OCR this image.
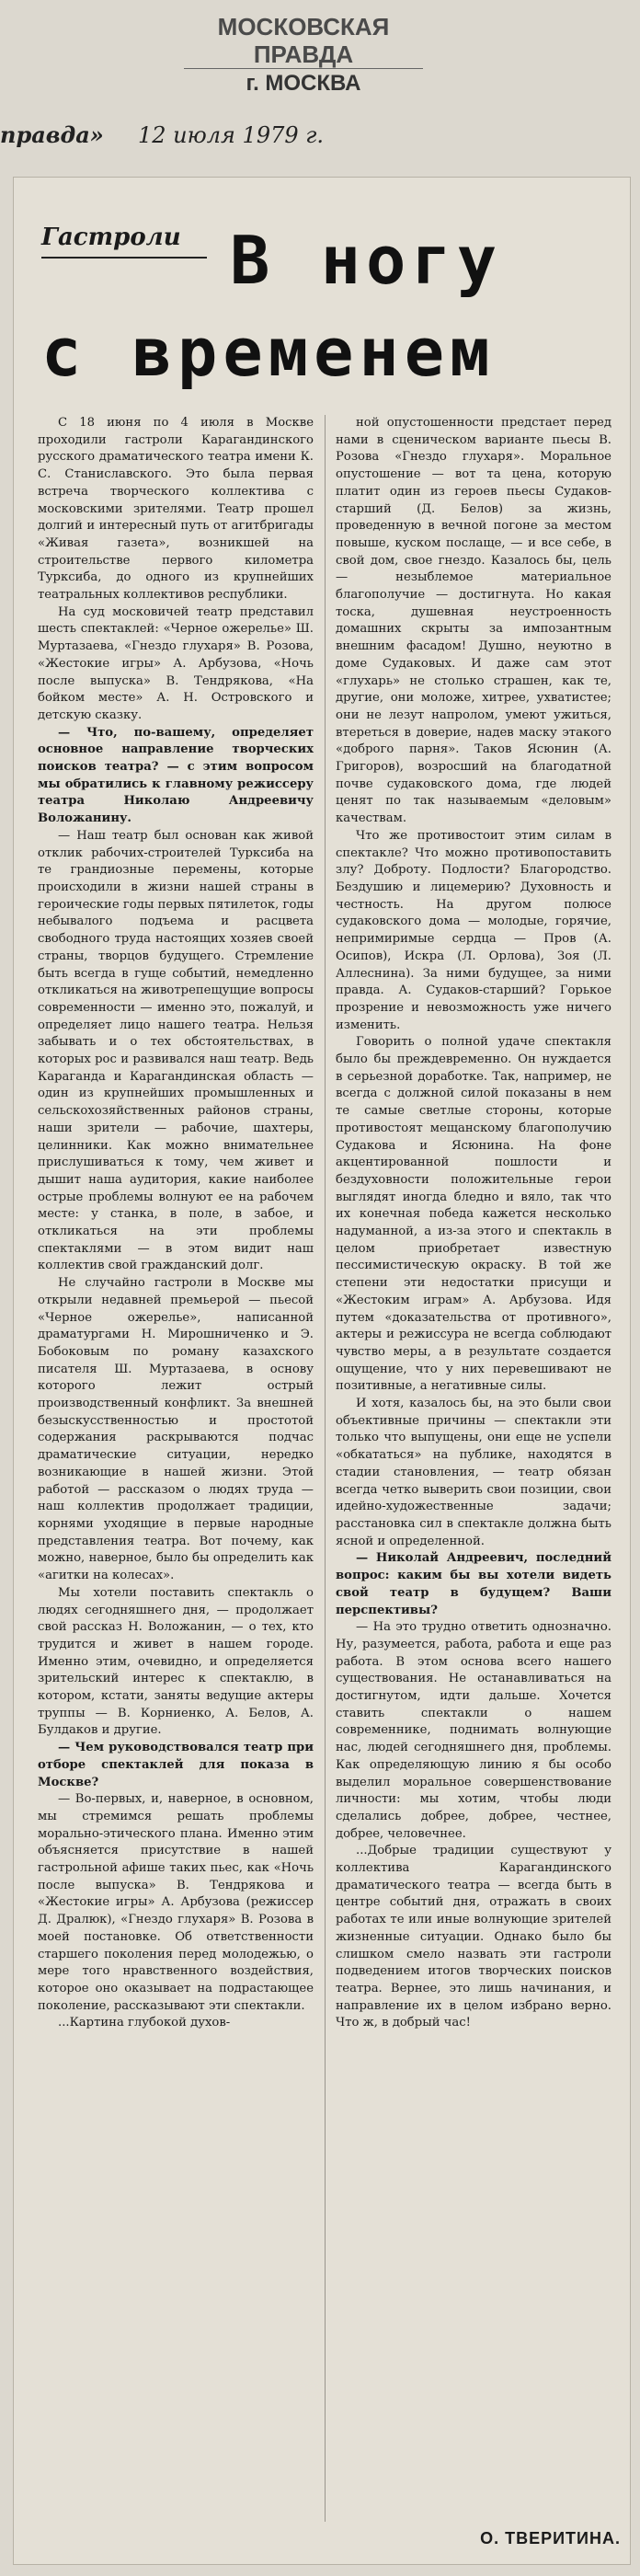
МОСКОВСКАЯ ПРАВДА
г. МОСКВА
правда» 12 июля 1979 г.
Гастроли В ногу
с временем

С 18 июня по 4 июля в Москве проходили гастроли Карагандинского русского драматического театра имени К. С. Станиславского. Это была первая встреча творческого коллектива с московскими зрителями. Театр прошел долгий и интересный путь от агитбригады «Живая газета», возникшей на строительстве первого километра Турксиба, до одного из крупнейших театральных коллективов республики.

На суд московичей театр представил шесть спектаклей: «Черное ожерелье» Ш. Муртазаева, «Гнездо глухаря» В. Розова, «Жестокие игры» А. Арбузова, «Ночь после выпуска» В. Тендрякова, «На бойком месте» А. Н. Островского и детскую сказку.

— Что, по-вашему, определяет основное направление творческих поисков театра? — с этим вопросом мы обратились к главному режиссеру театра Николаю Андреевичу Воложанину.

— Наш театр был основан как живой отклик рабочих-строителей Турксиба на те грандиозные перемены, которые происходили в жизни нашей страны в героические годы первых пятилеток, годы небывалого подъема и расцвета свободного труда настоящих хозяев своей страны, творцов будущего. Стремление быть всегда в гуще событий, немедленно откликаться на животрепещущие вопросы современности — именно это, пожалуй, и определяет лицо нашего театра. Нельзя забывать и о тех обстоятельствах, в которых рос и развивался наш театр. Ведь Караганда и Карагандинская область — один из крупнейших промышленных и сельскохозяйственных районов страны, наши зрители — рабочие, шахтеры, целинники. Как можно внимательнее прислушиваться к тому, чем живет и дышит наша аудитория, какие наиболее острые проблемы волнуют ее на рабочем месте: у станка, в поле, в забое, и откликаться на эти проблемы спектаклями — в этом видит наш коллектив свой гражданский долг.

Не случайно гастроли в Москве мы открыли недавней премьерой — пьесой «Черное ожерелье», написанной драматургами Н. Мирошниченко и Э. Бобоковым по роману казахского писателя Ш. Муртазаева, в основу которого лежит острый производственный конфликт. За внешней безыскусственностью и простотой содержания раскрываются подчас драматические ситуации, нередко возникающие в нашей жизни. Этой работой — рассказом о людях труда — наш коллектив продолжает традиции, корнями уходящие в первые народные представления театра. Вот почему, как можно, наверное, было бы определить как «агитки на колесах».

Мы хотели поставить спектакль о людях сегодняшнего дня, — продолжает свой рассказ Н. Воложанин, — о тех, кто трудится и живет в нашем городе. Именно этим, очевидно, и определяется зрительский интерес к спектаклю, в котором, кстати, заняты ведущие актеры труппы — В. Корниенко, А. Белов, А. Булдаков и другие.

— Чем руководствовался театр при отборе спектаклей для показа в Москве?

— Во-первых, и, наверное, в основном, мы стремимся решать проблемы морально-этического плана. Именно этим объясняется присутствие в нашей гастрольной афише таких пьес, как «Ночь после выпуска» В. Тендрякова и «Жестокие игры» А. Арбузова (режиссер Д. Дралюк), «Гнездо глухаря» В. Розова в моей постановке. Об ответственности старшего поколения перед молодежью, о мере того нравственного воздействия, которое оно оказывает на подрастающее поколение, рассказывают эти спектакли.

...Картина глубокой духов-

ной опустошенности предстает перед нами в сценическом варианте пьесы В. Розова «Гнездо глухаря». Моральное опустошение — вот та цена, которую платит один из героев пьесы Судаков-старший (Д. Белов) за жизнь, проведенную в вечной погоне за местом повыше, куском послаще, — и все себе, в свой дом, свое гнездо. Казалось бы, цель — незыблемое материальное благополучие — достигнута. Но какая тоска, душевная неустроенность домашних скрыты за импозантным внешним фасадом! Душно, неуютно в доме Судаковых. И даже сам этот «глухарь» не столько страшен, как те, другие, они моложе, хитрее, ухватистее; они не лезут напролом, умеют ужиться, втереться в доверие, надев маску этакого «доброго парня». Таков Ясюнин (А. Григоров), возросший на благодатной почве судаковского дома, где людей ценят по так называемым «деловым» качествам.

Что же противостоит этим силам в спектакле? Что можно противопоставить злу? Доброту. Подлости? Благородство. Бездушию и лицемерию? Духовность и честность. На другом полюсе судаковского дома — молодые, горячие, непримиримые сердца — Пров (А. Осипов), Искра (Л. Орлова), Зоя (Л. Аллеснина). За ними будущее, за ними правда. А. Судаков-старший? Горькое прозрение и невозможность уже ничего изменить.

Говорить о полной удаче спектакля было бы преждевременно. Он нуждается в серьезной доработке. Так, например, не всегда с должной силой показаны в нем те самые светлые стороны, которые противостоят мещанскому благополучию Судакова и Ясюнина. На фоне акцентированной пошлости и бездуховности положительные герои выглядят иногда бледно и вяло, так что их конечная победа кажется несколько надуманной, а из-за этого и спектакль в целом приобретает известную пессимистическую окраску. В той же степени эти недостатки присущи и «Жестоким играм» А. Арбузова. Идя путем «доказательства от противного», актеры и режиссура не всегда соблюдают чувство меры, а в результате создается ощущение, что у них перевешивают не позитивные, а негативные силы.

И хотя, казалось бы, на это были свои объективные причины — спектакли эти только что выпущены, они еще не успели «обкататься» на публике, находятся в стадии становления, — театр обязан всегда четко выверить свои позиции, свои идейно-художественные задачи; расстановка сил в спектакле должна быть ясной и определенной.

— Николай Андреевич, последний вопрос: каким бы вы хотели видеть свой театр в будущем? Ваши перспективы?

— На это трудно ответить однозначно. Ну, разумеется, работа, работа и еще раз работа. В этом основа всего нашего существования. Не останавливаться на достигнутом, идти дальше. Хочется ставить спектакли о нашем современнике, поднимать волнующие нас, людей сегодняшнего дня, проблемы. Как определяющую линию я бы особо выделил моральное совершенствование личности: мы хотим, чтобы люди сделались добрее, добрее, честнее, добрее, человечнее.

...Добрые традиции существуют у коллектива Карагандинского драматического театра — всегда быть в центре событий дня, отражать в своих работах те или иные волнующие зрителей жизненные ситуации. Однако было бы слишком смело назвать эти гастроли подведением итогов творческих поисков театра. Вернее, это лишь начинания, и направление их в целом избрано верно. Что ж, в добрый час!

О. ТВЕРИТИНА.
